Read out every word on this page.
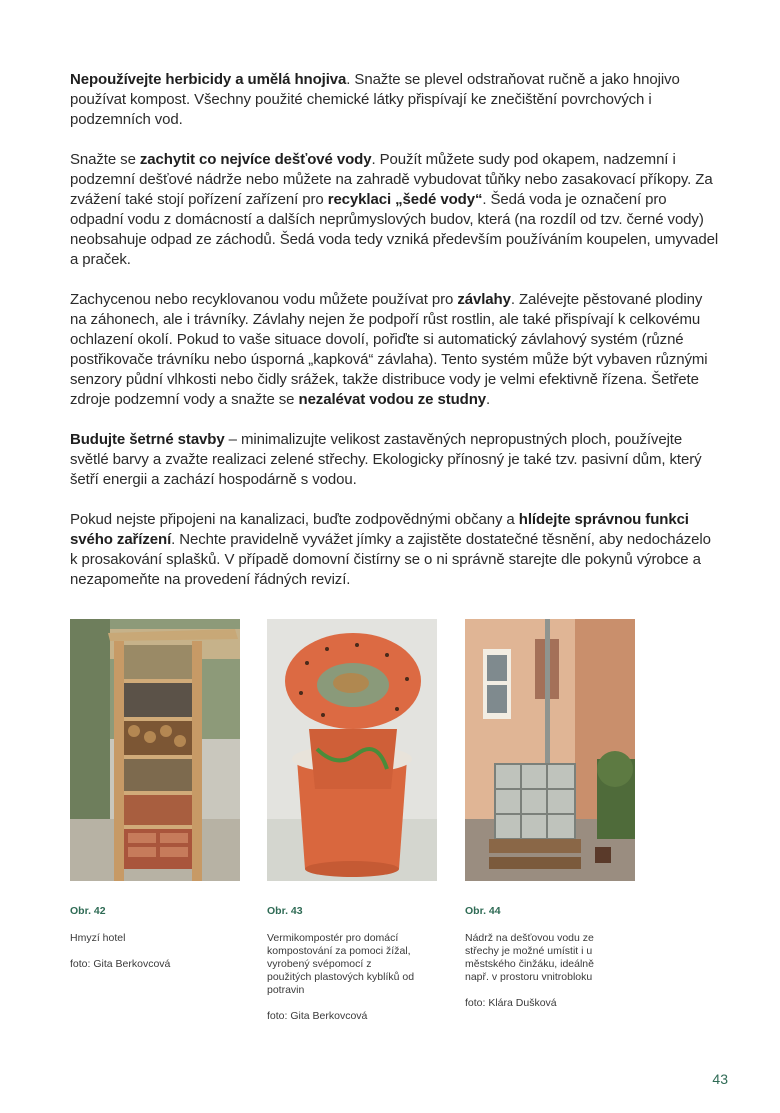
Nepoužívejte herbicidy a umělá hnojiva. Snažte se plevel odstraňovat ručně a jako hnojivo používat kompost. Všechny použité chemické látky přispívají ke znečištění povrchových i podzemních vod.

Snažte se zachytit co nejvíce dešťové vody. Použít můžete sudy pod okapem, nadzemní i podzemní dešťové nádrže nebo můžete na zahradě vybudovat tůňky nebo zasakovací příkopy. Za zvážení také stojí pořízení zařízení pro recyklaci „šedé vody“. Šedá voda je označení pro odpadní vodu z domácností a dalších neprůmyslových budov, která (na rozdíl od tzv. černé vody) neobsahuje odpad ze záchodů. Šedá voda tedy vzniká především používáním koupelen, umyvadel a praček.

Zachycenou nebo recyklovanou vodu můžete používat pro závlahy. Zalévejte pěstované plodiny na záhonech, ale i trávníky. Závlahy nejen že podpoří růst rostlin, ale také přispívají k celkovému ochlazení okolí. Pokud to vaše situace dovolí, pořiďte si automatický závlahový systém (různé postřikovače trávníku nebo úsporná „kapková“ závlaha). Tento systém může být vybaven různými senzory půdní vlhkosti nebo čidly srážek, takže distribuce vody je velmi efektivně řízena. Šetřete zdroje podzemní vody a snažte se nezalévat vodou ze studny.

Budujte šetrné stavby – minimalizujte velikost zastavěných nepropustných ploch, používejte světlé barvy a zvažte realizaci zelené střechy. Ekologicky přínosný je také tzv. pasivní dům, který šetří energii a zachází hospodárně s vodou.

Pokud nejste připojeni na kanalizaci, buďte zodpovědnými občany a hlídejte správnou funkci svého zařízení. Nechte pravidelně vyvážet jímky a zajistěte dostatečné těsnění, aby nedocházelo k prosakování splašků. V případě domovní čistírny se o ni správně starejte dle pokynů výrobce a nezapomeňte na provedení řádných revizí.

Obr. 42
Hmyzí hotel
foto: Gita Berkovcová
Obr. 43
Vermikompostér pro domácí kompostování za pomoci žížal, vyrobený svépomocí z použitých plastových kyblíků od potravin
foto: Gita Berkovcová
Obr. 44
Nádrž na dešťovou vodu ze střechy je možné umístit i u městského činžáku, ideálně např. v prostoru vnitrobloku
foto: Klára Dušková
43
